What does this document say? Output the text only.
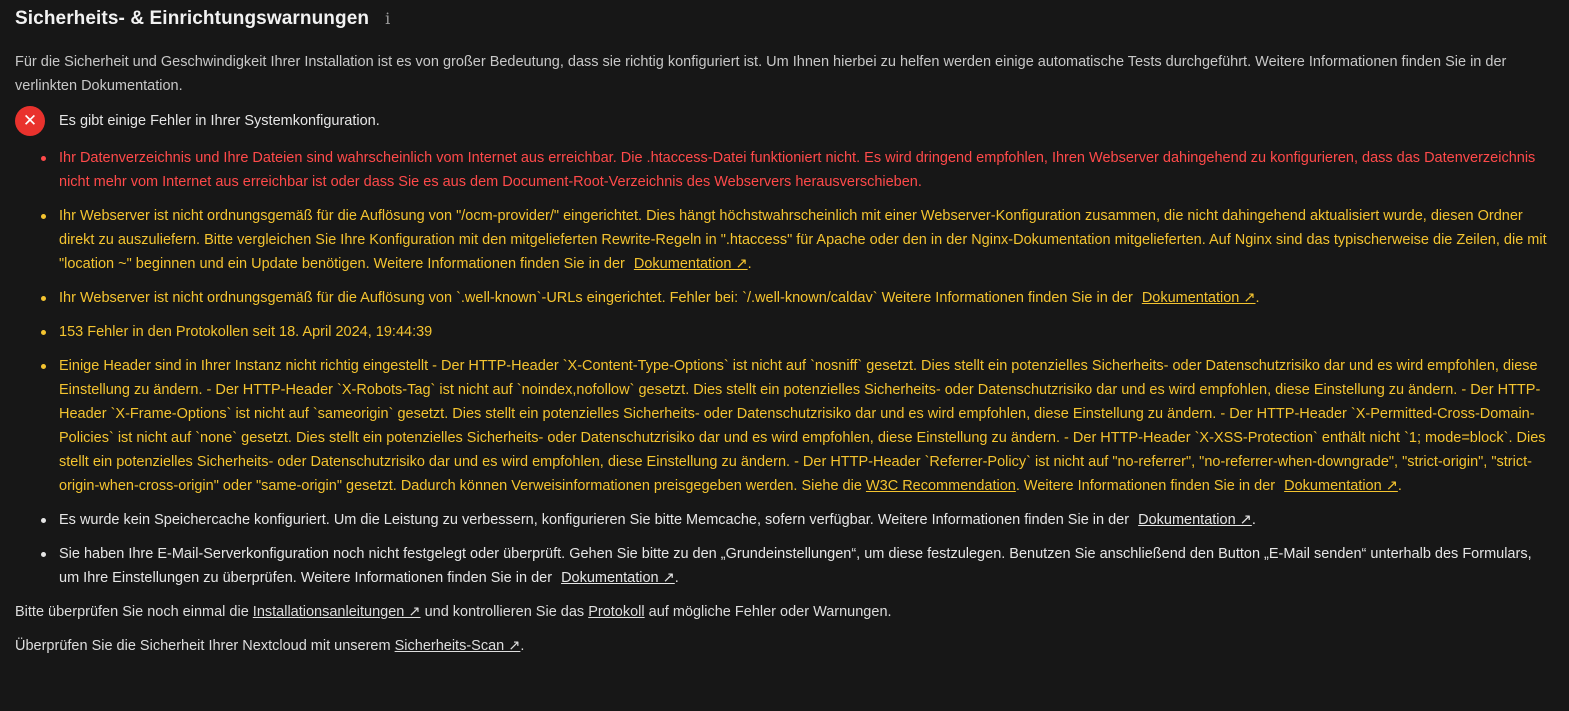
Sicherheits- & Einrichtungswarnungen i

Für die Sicherheit und Geschwindigkeit Ihrer Installation ist es von großer Bedeutung, dass sie richtig konfiguriert ist. Um Ihnen hierbei zu helfen werden einige automatische Tests durchgeführt. Weitere Informationen finden Sie in der verlinkten Dokumentation.

✕	Es gibt einige Fehler in Ihrer Systemkonfiguration.
Ihr Datenverzeichnis und Ihre Dateien sind wahrscheinlich vom Internet aus erreichbar. Die .htaccess-Datei funktioniert nicht. Es wird dringend empfohlen, Ihren Webserver dahingehend zu konfigurieren, dass das Datenverzeichnis nicht mehr vom Internet aus erreichbar ist oder dass Sie es aus dem Document-Root-Verzeichnis des Webservers herausverschieben.
Ihr Webserver ist nicht ordnungsgemäß für die Auflösung von "/ocm-provider/" eingerichtet. Dies hängt höchstwahrscheinlich mit einer Webserver-Konfiguration zusammen, die nicht dahingehend aktualisiert wurde, diesen Ordner direkt zu auszuliefern. Bitte vergleichen Sie Ihre Konfiguration mit den mitgelieferten Rewrite-Regeln in ".htaccess" für Apache oder den in der Nginx-Dokumentation mitgelieferten. Auf Nginx sind das typischerweise die Zeilen, die mit "location ~" beginnen und ein Update benötigen. Weitere Informationen finden Sie in der Dokumentation ↗.
Ihr Webserver ist nicht ordnungsgemäß für die Auflösung von `.well-known`-URLs eingerichtet. Fehler bei: `/.well-known/caldav` Weitere Informationen finden Sie in der Dokumentation ↗.
153 Fehler in den Protokollen seit 18. April 2024, 19:44:39
Einige Header sind in Ihrer Instanz nicht richtig eingestellt - Der HTTP-Header `X-Content-Type-Options` ist nicht auf `nosniff` gesetzt. Dies stellt ein potenzielles Sicherheits- oder Datenschutzrisiko dar und es wird empfohlen, diese Einstellung zu ändern. - Der HTTP-Header `X-Robots-Tag` ist nicht auf `noindex,nofollow` gesetzt. Dies stellt ein potenzielles Sicherheits- oder Datenschutzrisiko dar und es wird empfohlen, diese Einstellung zu ändern. - Der HTTP-Header `X-Frame-Options` ist nicht auf `sameorigin` gesetzt. Dies stellt ein potenzielles Sicherheits- oder Datenschutzrisiko dar und es wird empfohlen, diese Einstellung zu ändern. - Der HTTP-Header `X-Permitted-Cross-Domain-Policies` ist nicht auf `none` gesetzt. Dies stellt ein potenzielles Sicherheits- oder Datenschutzrisiko dar und es wird empfohlen, diese Einstellung zu ändern. - Der HTTP-Header `X-XSS-Protection` enthält nicht `1; mode=block`. Dies stellt ein potenzielles Sicherheits- oder Datenschutzrisiko dar und es wird empfohlen, diese Einstellung zu ändern. - Der HTTP-Header `Referrer-Policy` ist nicht auf "no-referrer", "no-referrer-when-downgrade", "strict-origin", "strict-origin-when-cross-origin" oder "same-origin" gesetzt. Dadurch können Verweisinformationen preisgegeben werden. Siehe die W3C Recommendation. Weitere Informationen finden Sie in der Dokumentation ↗.
Es wurde kein Speichercache konfiguriert. Um die Leistung zu verbessern, konfigurieren Sie bitte Memcache, sofern verfügbar. Weitere Informationen finden Sie in der Dokumentation ↗.
Sie haben Ihre E-Mail-Serverkonfiguration noch nicht festgelegt oder überprüft. Gehen Sie bitte zu den „Grundeinstellungen“, um diese festzulegen. Benutzen Sie anschließend den Button „E-Mail senden“ unterhalb des Formulars, um Ihre Einstellungen zu überprüfen. Weitere Informationen finden Sie in der Dokumentation ↗.

Bitte überprüfen Sie noch einmal die Installationsanleitungen ↗ und kontrollieren Sie das Protokoll auf mögliche Fehler oder Warnungen.

Überprüfen Sie die Sicherheit Ihrer Nextcloud mit unserem Sicherheits-Scan ↗.
